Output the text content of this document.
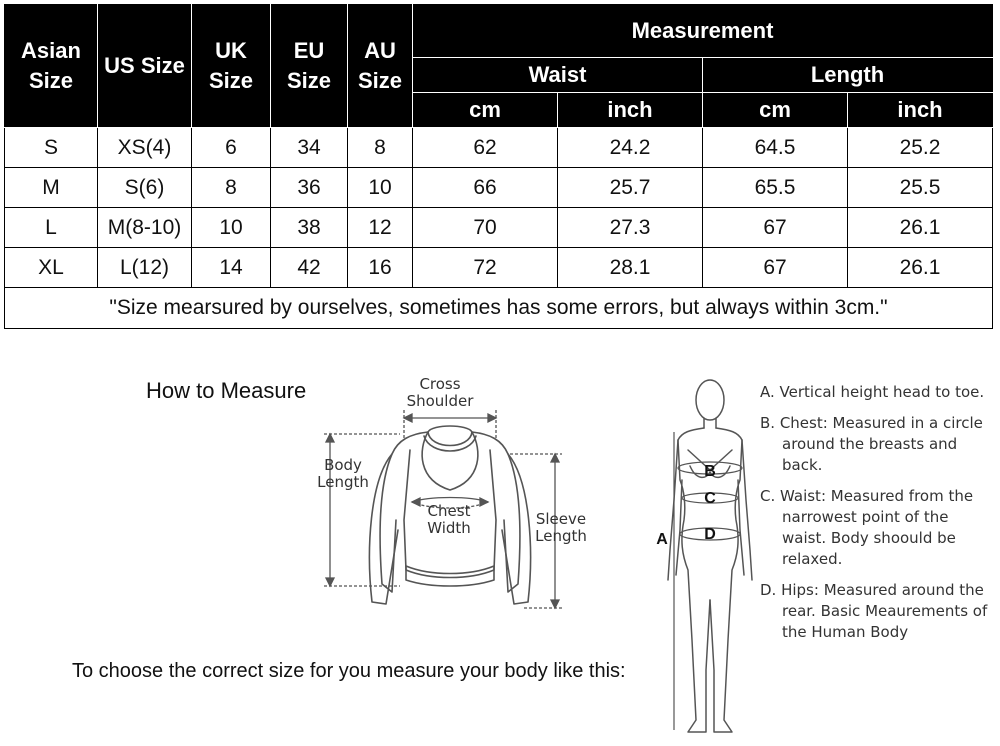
Asian Size	US Size	UK Size	EU Size	AU Size	Measurement			
					Waist		Length	
					cm	inch	cm	inch
S	XS(4)	6	34	8	62	24.2	64.5	25.2
M	S(6)	8	36	10	66	25.7	65.5	25.5
L	M(8-10)	10	38	12	70	27.3	67	26.1
XL	L(12)	14	42	16	72	28.1	67	26.1
"Size mearsured by ourselves, sometimes has some errors, but always within 3cm."								
How to Measure	Cross
Shoulder
Body
Length
Chest
Width	Sleeve
Length
To choose the correct size for you measure your body like this:
B
C
D
A
A. Vertical height head to toe.
B. Chest: Measured in a circle around the breasts and back.
C. Waist: Measured from the narrowest point of the waist. Body shoould be relaxed.
D. Hips: Measured around the rear. Basic Meaurements of the Human Body
